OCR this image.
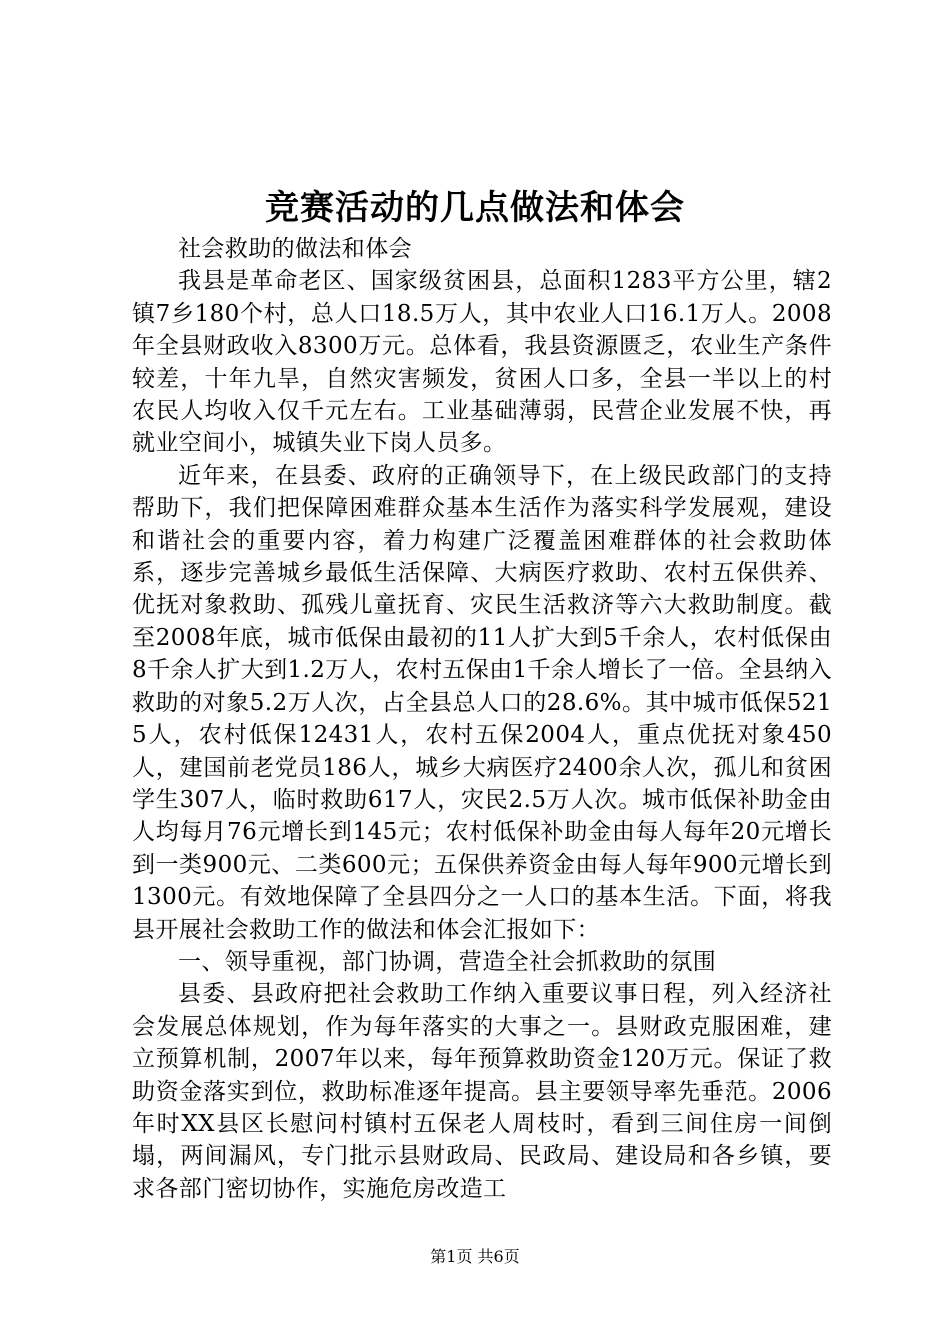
竞赛活动的几点做法和体会

社会救助的做法和体会

我县是革命老区、国家级贫困县，总面积1283平方公里，辖2镇7乡180个村，总人口18.5万人，其中农业人口16.1万人。2008年全县财政收入8300万元。总体看，我县资源匮乏，农业生产条件较差，十年九旱，自然灾害频发，贫困人口多，全县一半以上的村农民人均收入仅千元左右。工业基础薄弱，民营企业发展不快，再就业空间小，城镇失业下岗人员多。

近年来，在县委、政府的正确领导下，在上级民政部门的支持帮助下，我们把保障困难群众基本生活作为落实科学发展观，建设和谐社会的重要内容，着力构建广泛覆盖困难群体的社会救助体系，逐步完善城乡最低生活保障、大病医疗救助、农村五保供养、优抚对象救助、孤残儿童抚育、灾民生活救济等六大救助制度。截至2008年底，城市低保由最初的11人扩大到5千余人，农村低保由8千余人扩大到1.2万人，农村五保由1千余人增长了一倍。全县纳入救助的对象5.2万人次，占全县总人口的28.6%。其中城市低保5215人，农村低保12431人，农村五保2004人，重点优抚对象450人，建国前老党员186人，城乡大病医疗2400余人次，孤儿和贫困学生307人，临时救助617人，灾民2.5万人次。城市低保补助金由人均每月76元增长到145元；农村低保补助金由每人每年20元增长到一类900元、二类600元；五保供养资金由每人每年900元增长到1300元。有效地保障了全县四分之一人口的基本生活。下面，将我县开展社会救助工作的做法和体会汇报如下：

一、领导重视，部门协调，营造全社会抓救助的氛围

县委、县政府把社会救助工作纳入重要议事日程，列入经济社会发展总体规划，作为每年落实的大事之一。县财政克服困难，建立预算机制，2007年以来，每年预算救助资金120万元。保证了救助资金落实到位，救助标准逐年提高。县主要领导率先垂范。2006年时XX县区长慰问村镇村五保老人周枝时，看到三间住房一间倒塌，两间漏风，专门批示县财政局、民政局、建设局和各乡镇，要求各部门密切协作，实施危房改造工

第1页 共6页
